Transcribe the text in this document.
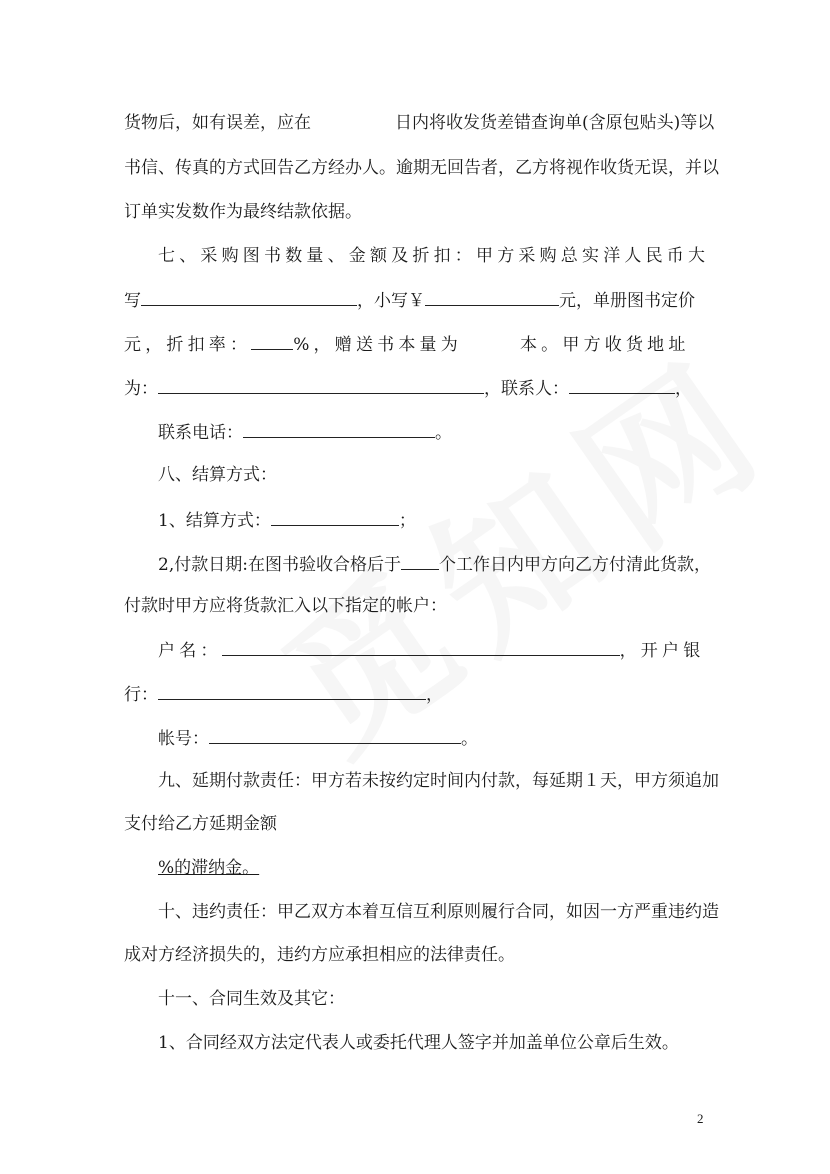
货物后，如有误差，应在	日内将收发货差错查询单(含原包贴头)等以
书信、传真的方式回告乙方经办人。逾期无回告者，乙方将视作收货无误，并以
订单实发数作为最终结款依据。
七、采购图书数量、金额及折扣：甲方采购总实洋人民币大
写	，小写￥	元，单册图书定价
元，折扣率： %，赠送书本量为	本。甲方收货地址
为：	，联系人：	，
联系电话：	。
八、结算方式：
1、结算方式：	；
2,付款日期:在图书验收合格后于 个工作日内甲方向乙方付清此货款，
付款时甲方应将货款汇入以下指定的帐户：
户名：	，开户银
行：	，
帐号：	。
九、延期付款责任：甲方若未按约定时间内付款，每延期１天，甲方须追加
支付给乙方延期金额
%的滞纳金。
十、违约责任：甲乙双方本着互信互利原则履行合同，如因一方严重违约造
成对方经济损失的，违约方应承担相应的法律责任。
十一、合同生效及其它：
1、合同经双方法定代表人或委托代理人签字并加盖单位公章后生效。
2
